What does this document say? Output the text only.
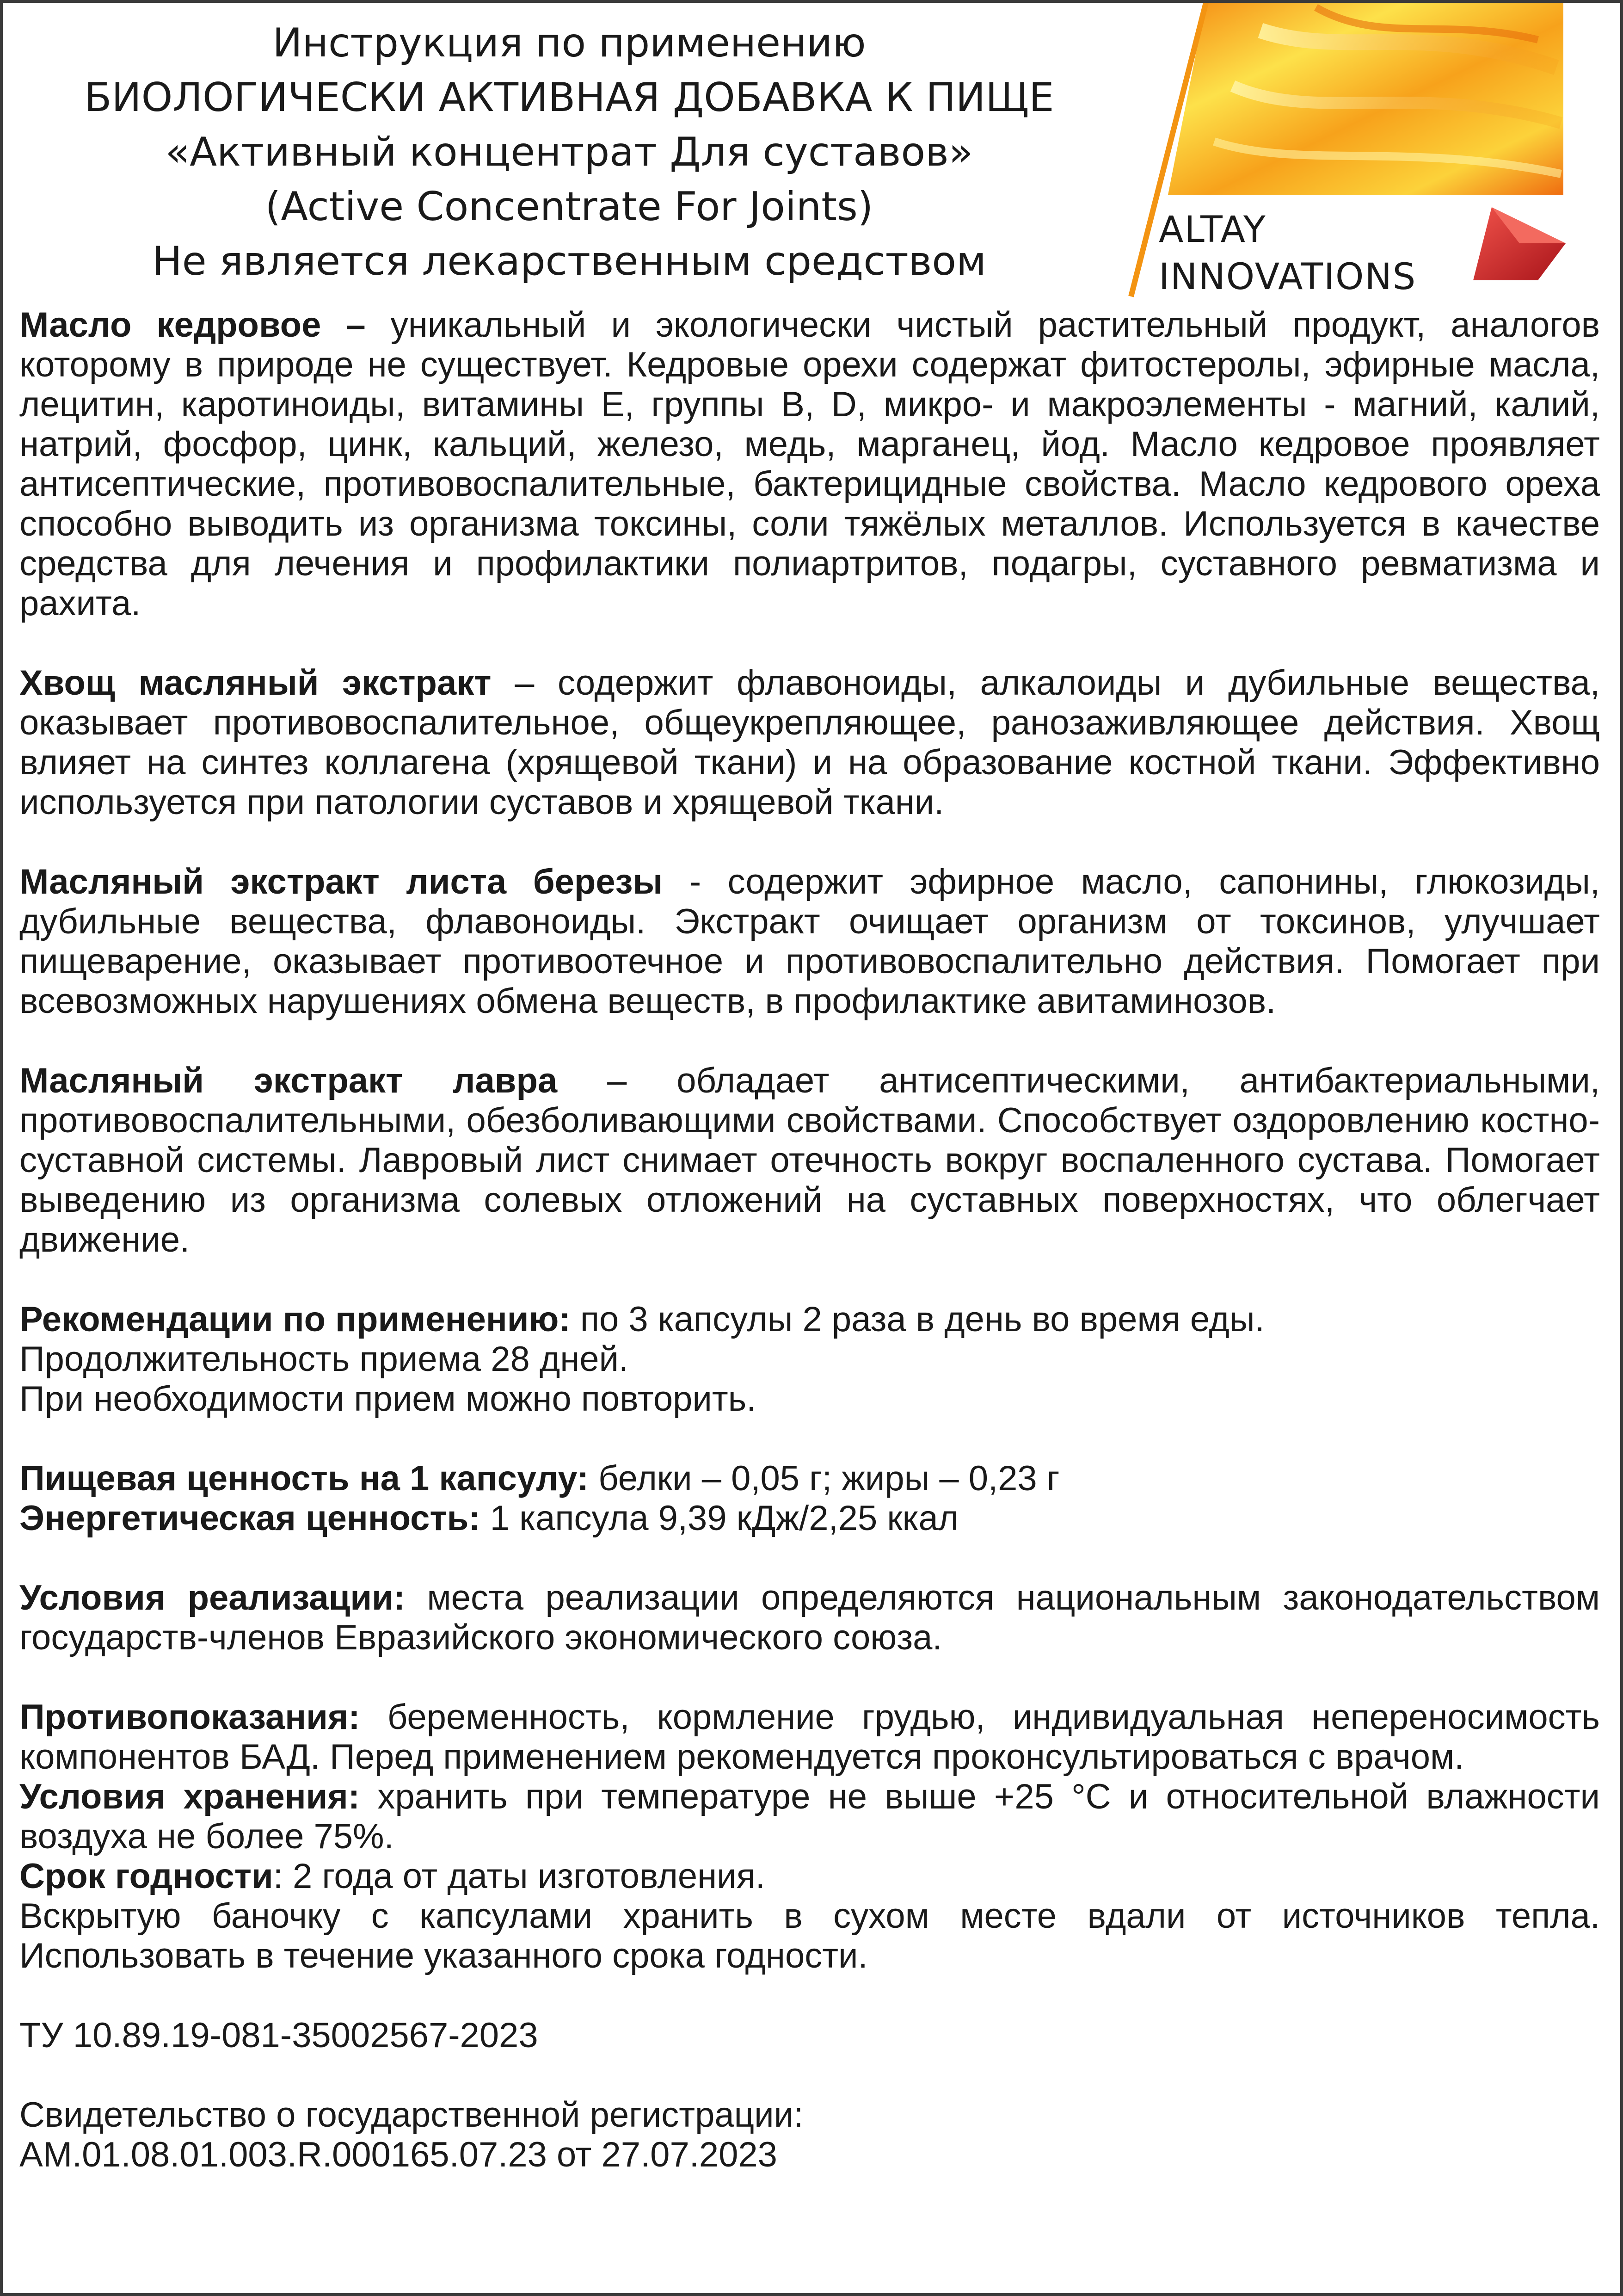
Инструкция по применению
БИОЛОГИЧЕСКИ АКТИВНАЯ ДОБАВКА К ПИЩЕ
«Активный концентрат Для суставов»
(Active Concentrate For Joints)
Не является лекарственным средством
ALTAY
INNOVATIONS

Масло кедровое – уникальный и экологически чистый растительный продукт, аналогов которому в природе не существует. Кедровые орехи содержат фитостеролы, эфирные масла, лецитин, каротиноиды, витамины Е, группы В, D, микро- и макроэлементы - магний, калий, натрий, фосфор, цинк, кальций, железо, медь, марганец, йод. Масло кедровое проявляет антисептические, противовоспалительные, бактерицидные свойства. Масло кедрового ореха способно выводить из организма токсины, соли тяжёлых металлов. Используется в качестве средства для лечения и профилактики полиартритов, подагры, суставного ревматизма и рахита.

Хвощ масляный экстракт – содержит флавоноиды, алкалоиды и дубильные вещества, оказывает противовоспалительное, общеукрепляющее, ранозаживляющее действия. Хвощ влияет на синтез коллагена (хрящевой ткани) и на образование костной ткани. Эффективно используется при патологии суставов и хрящевой ткани.

Масляный экстракт листа березы - содержит эфирное масло, сапонины, глюкозиды, дубильные вещества, флавоноиды. Экстракт очищает организм от токсинов, улучшает пищеварение, оказывает противоотечное и противовоспалительно действия. Помогает при всевозможных нарушениях обмена веществ, в профилактике авитаминозов.

Масляный экстракт лавра – обладает антисептическими, антибактериальными, противовоспалительными, обезболивающими свойствами. Способствует оздоровлению костно-суставной системы. Лавровый лист снимает отечность вокруг воспаленного сустава. Помогает выведению из организма солевых отложений на суставных поверхностях, что облегчает движение.

Рекомендации по применению: по 3 капсулы 2 раза в день во время еды.

Продолжительность приема 28 дней.

При необходимости прием можно повторить.

Пищевая ценность на 1 капсулу: белки – 0,05 г; жиры – 0,23 г

Энергетическая ценность: 1 капсула 9,39 кДж/2,25 ккал

Условия реализации: места реализации определяются национальным законодательством государств-членов Евразийского экономического союза.

Противопоказания: беременность, кормление грудью, индивидуальная непереносимость компонентов БАД. Перед применением рекомендуется проконсультироваться с врачом.

Условия хранения: хранить при температуре не выше +25 °С и относительной влажности воздуха не более 75%.

Срок годности: 2 года от даты изготовления.

Вскрытую баночку с капсулами хранить в сухом месте вдали от источников тепла. Использовать в течение указанного срока годности.

ТУ 10.89.19-081-35002567-2023

Свидетельство о государственной регистрации:

AM.01.08.01.003.R.000165.07.23 от 27.07.2023
